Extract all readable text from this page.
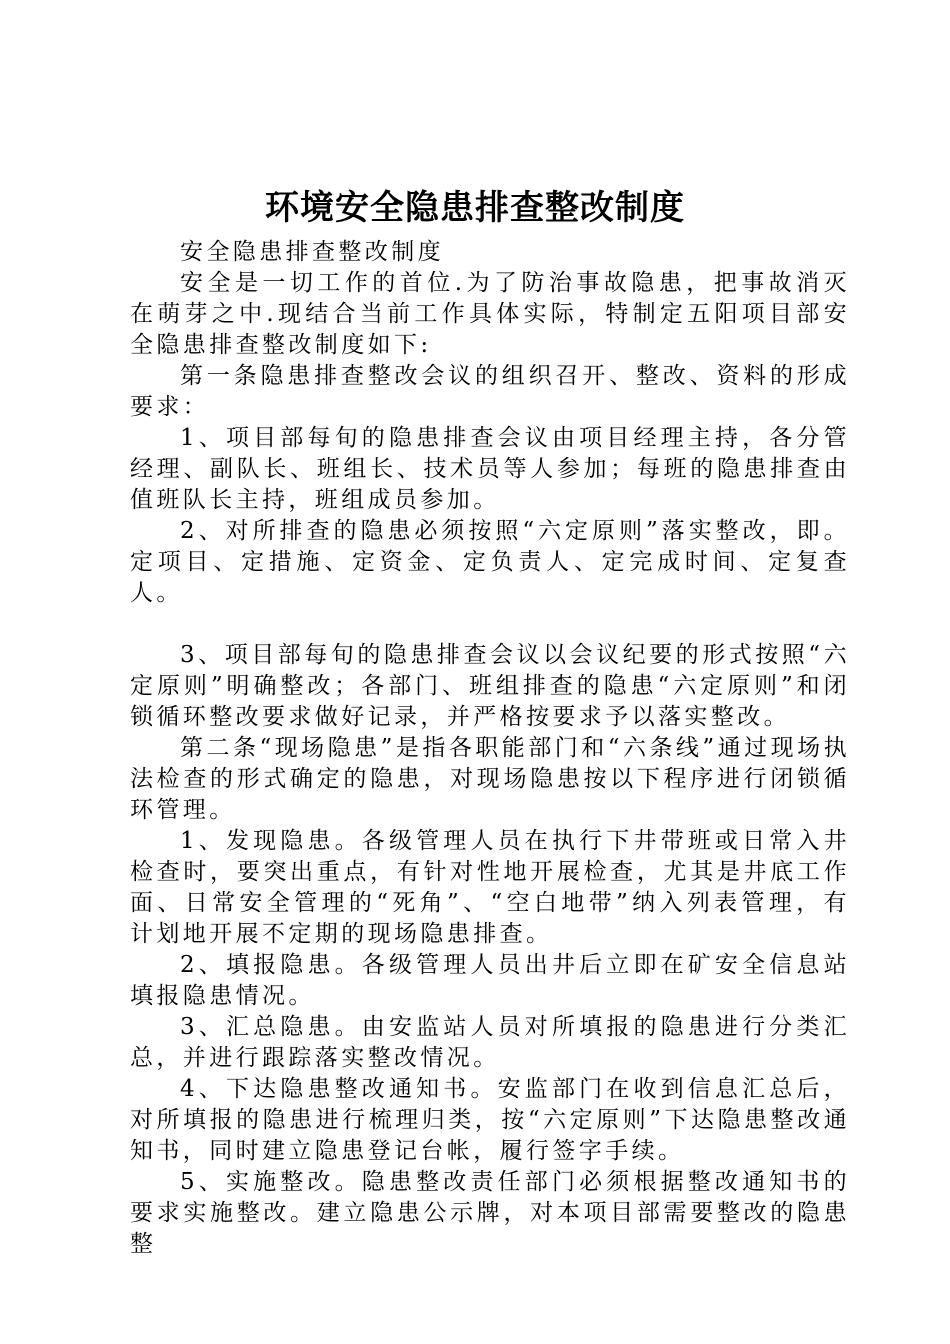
环境安全隐患排查整改制度

安全隐患排查整改制度

安全是一切工作的首位.为了防治事故隐患，把事故消灭在萌芽之中.现结合当前工作具体实际，特制定五阳项目部安全隐患排查整改制度如下:

第一条隐患排查整改会议的组织召开、整改、资料的形成要求：

1、项目部每旬的隐患排查会议由项目经理主持，各分管经理、副队长、班组长、技术员等人参加；每班的隐患排查由值班队长主持，班组成员参加。

2、对所排查的隐患必须按照“六定原则”落实整改，即。定项目、定措施、定资金、定负责人、定完成时间、定复查人。

3、项目部每旬的隐患排查会议以会议纪要的形式按照“六定原则”明确整改；各部门、班组排查的隐患“六定原则”和闭锁循环整改要求做好记录，并严格按要求予以落实整改。

第二条“现场隐患”是指各职能部门和“六条线”通过现场执法检查的形式确定的隐患，对现场隐患按以下程序进行闭锁循环管理。

1、发现隐患。各级管理人员在执行下井带班或日常入井检查时，要突出重点，有针对性地开展检查，尤其是井底工作面、日常安全管理的“死角”、“空白地带”纳入列表管理，有计划地开展不定期的现场隐患排查。

2、填报隐患。各级管理人员出井后立即在矿安全信息站填报隐患情况。

3、汇总隐患。由安监站人员对所填报的隐患进行分类汇总，并进行跟踪落实整改情况。

4、下达隐患整改通知书。安监部门在收到信息汇总后，对所填报的隐患进行梳理归类，按“六定原则”下达隐患整改通知书，同时建立隐患登记台帐，履行签字手续。

5、实施整改。隐患整改责任部门必须根据整改通知书的要求实施整改。建立隐患公示牌，对本项目部需要整改的隐患整
